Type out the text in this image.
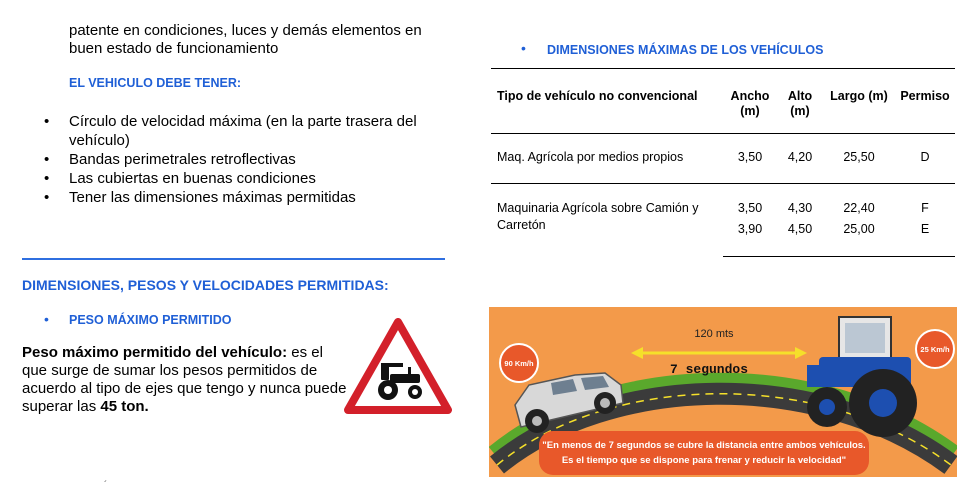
patente en condiciones, luces y demás elementos en buen estado de funcionamiento
EL VEHICULO DEBE TENER:
• Círculo de velocidad máxima (en la parte trasera del vehículo)
• Bandas perimetrales retroflectivas
• Las cubiertas en buenas condiciones
• Tener las dimensiones máximas permitidas
DIMENSIONES, PESOS Y VELOCIDADES PERMITIDAS:
• PESO MÁXIMO PERMITIDO
Peso máximo permitido del vehículo: es el que surge de sumar los pesos permitidos de acuerdo al tipo de ejes que tengo y nunca puede superar las 45 ton.
• DIMENSIONES MÁXIMAS DE LOS VEHÍCULOS
Tipo de vehículo no convencional	Ancho (m)	Alto (m)	Largo (m)	Permiso
Maq. Agrícola por medios propios	3,50	4,20	25,50	D
Maquinaria Agrícola sobre Camión y Carretón	3,50	4,30	22,40	F
	3,90	4,50	25,00	E
"En menos de 7 segundos se cubre la distancia entre ambos vehículos.
Es el tiempo que se dispone para frenar y reducir la velocidad"
120 mts
7 segundos
90 Km/h
25 Km/h
´
